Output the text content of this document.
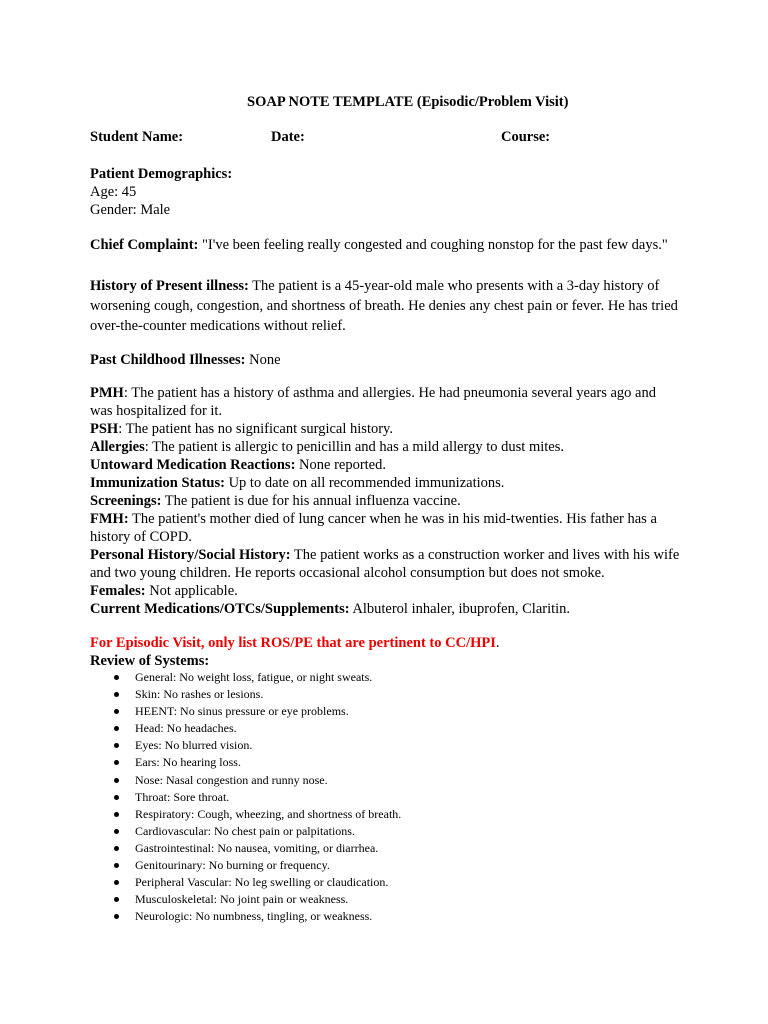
SOAP NOTE TEMPLATE (Episodic/Problem Visit)
Student Name:	Date:	Course:
Patient Demographics:
Age: 45
Gender: Male
Chief Complaint: "I've been feeling really congested and coughing nonstop for the past few days."
History of Present illness: The patient is a 45-year-old male who presents with a 3-day history of worsening cough, congestion, and shortness of breath. He denies any chest pain or fever. He has tried over-the-counter medications without relief.
Past Childhood Illnesses: None
PMH: The patient has a history of asthma and allergies. He had pneumonia several years ago and was hospitalized for it.
PSH: The patient has no significant surgical history.
Allergies: The patient is allergic to penicillin and has a mild allergy to dust mites.
Untoward Medication Reactions: None reported.
Immunization Status: Up to date on all recommended immunizations.
Screenings: The patient is due for his annual influenza vaccine.
FMH: The patient's mother died of lung cancer when he was in his mid-twenties. His father has a history of COPD.
Personal History/Social History: The patient works as a construction worker and lives with his wife and two young children. He reports occasional alcohol consumption but does not smoke.
Females: Not applicable.
Current Medications/OTCs/Supplements: Albuterol inhaler, ibuprofen, Claritin.
For Episodic Visit, only list ROS/PE that are pertinent to CC/HPI.
Review of Systems:
General: No weight loss, fatigue, or night sweats.
Skin: No rashes or lesions.
HEENT: No sinus pressure or eye problems.
Head: No headaches.
Eyes: No blurred vision.
Ears: No hearing loss.
Nose: Nasal congestion and runny nose.
Throat: Sore throat.
Respiratory: Cough, wheezing, and shortness of breath.
Cardiovascular: No chest pain or palpitations.
Gastrointestinal: No nausea, vomiting, or diarrhea.
Genitourinary: No burning or frequency.
Peripheral Vascular: No leg swelling or claudication.
Musculoskeletal: No joint pain or weakness.
Neurologic: No numbness, tingling, or weakness.
